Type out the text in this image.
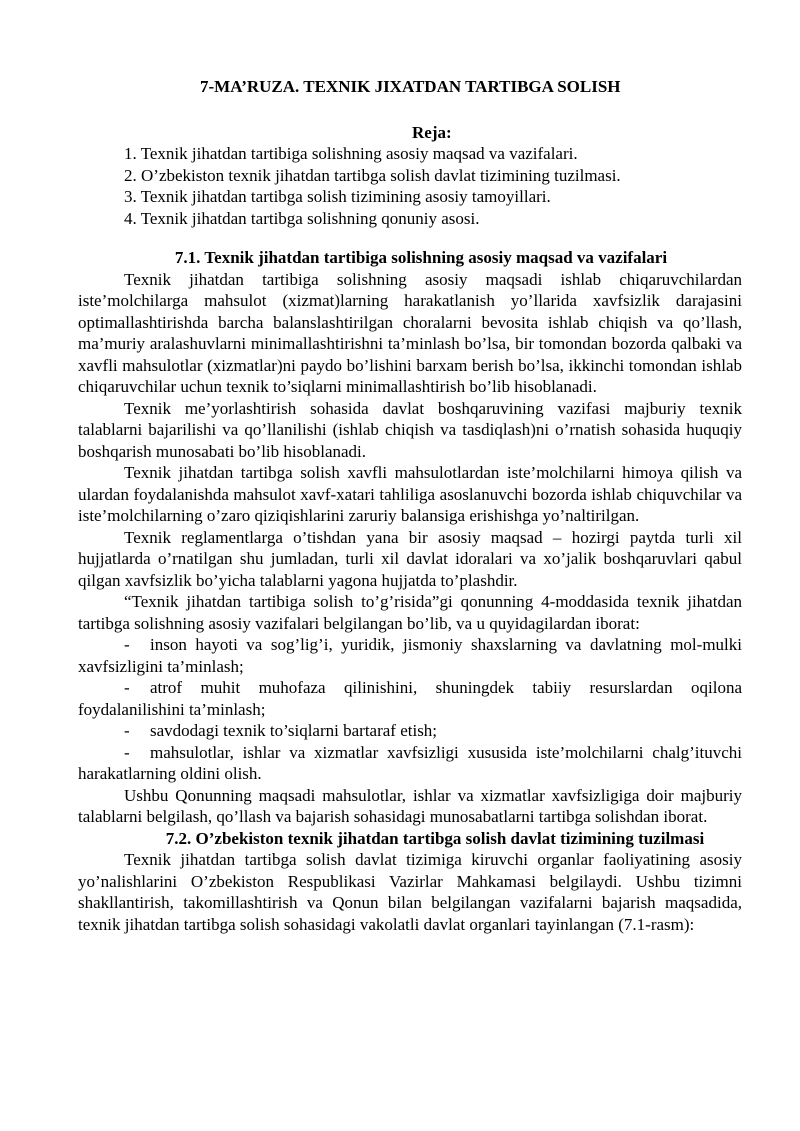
7-MA’RUZA. TEXNIK JIXATDAN TARTIBGA SOLISH
Reja:
1. Texnik jihatdan tartibiga solishning asosiy maqsad va vazifalari.
2. O’zbekiston texnik jihatdan tartibga solish davlat tizimining tuzilmasi.
3. Texnik jihatdan tartibga solish tizimining asosiy tamoyillari.
4. Texnik jihatdan tartibga solishning qonuniy asosi.
7.1. Texnik jihatdan tartibiga solishning asosiy maqsad va vazifalari

Texnik jihatdan tartibiga solishning asosiy maqsadi ishlab chiqaruvchilardan iste’molchilarga mahsulot (xizmat)larning harakatlanish yo’llarida xavfsizlik darajasini optimallashtirishda barcha balanslashtirilgan choralarni bevosita ishlab chiqish va qo’llash, ma’muriy aralashuvlarni minimallashtirishni ta’minlash bo’lsa, bir tomondan bozorda qalbaki va xavfli mahsulotlar (xizmatlar)ni paydo bo’lishini barxam berish bo’lsa, ikkinchi tomondan ishlab chiqaruvchilar uchun texnik to’siqlarni minimallashtirish bo’lib hisoblanadi.

Texnik me’yorlashtirish sohasida davlat boshqaruvining vazifasi majburiy texnik talablarni bajarilishi va qo’llanilishi (ishlab chiqish va tasdiqlash)ni o’rnatish sohasida huquqiy boshqarish munosabati bo’lib hisoblanadi.

Texnik jihatdan tartibga solish xavfli mahsulotlardan iste’molchilarni himoya qilish va ulardan foydalanishda mahsulot xavf-xatari tahliliga asoslanuvchi bozorda ishlab chiquvchilar va iste’molchilarning o’zaro qiziqishlarini zaruriy balansiga erishishga yo’naltirilgan.

Texnik reglamentlarga o’tishdan yana bir asosiy maqsad – hozirgi paytda turli xil hujjatlarda o’rnatilgan shu jumladan, turli xil davlat idoralari va xo’jalik boshqaruvlari qabul qilgan xavfsizlik bo’yicha talablarni yagona hujjatda to’plashdir.

“Texnik jihatdan tartibiga solish to’g’risida”gi qonunning 4-moddasida texnik jihatdan tartibga solishning asosiy vazifalari belgilangan bo’lib, va u quyidagilardan iborat:

- inson hayoti va sog’lig’i, yuridik, jismoniy shaxslarning va davlatning mol-mulki xavfsizligini ta’minlash;

- atrof muhit muhofaza qilinishini, shuningdek tabiiy resurslardan oqilona foydalanilishini ta’minlash;

- savdodagi texnik to’siqlarni bartaraf etish;

- mahsulotlar, ishlar va xizmatlar xavfsizligi xususida iste’molchilarni chalg’ituvchi harakatlarning oldini olish.

Ushbu Qonunning maqsadi mahsulotlar, ishlar va xizmatlar xavfsizligiga doir majburiy talablarni belgilash, qo’llash va bajarish sohasidagi munosabatlarni tartibga solishdan iborat.

7.2. O’zbekiston texnik jihatdan tartibga solish davlat tizimining tuzilmasi

Texnik jihatdan tartibga solish davlat tizimiga kiruvchi organlar faoliyatining asosiy yo’nalishlarini O’zbekiston Respublikasi Vazirlar Mahkamasi belgilaydi. Ushbu tizimni shakllantirish, takomillashtirish va Qonun bilan belgilangan vazifalarni bajarish maqsadida, texnik jihatdan tartibga solish sohasidagi vakolatli davlat organlari tayinlangan (7.1-rasm):
